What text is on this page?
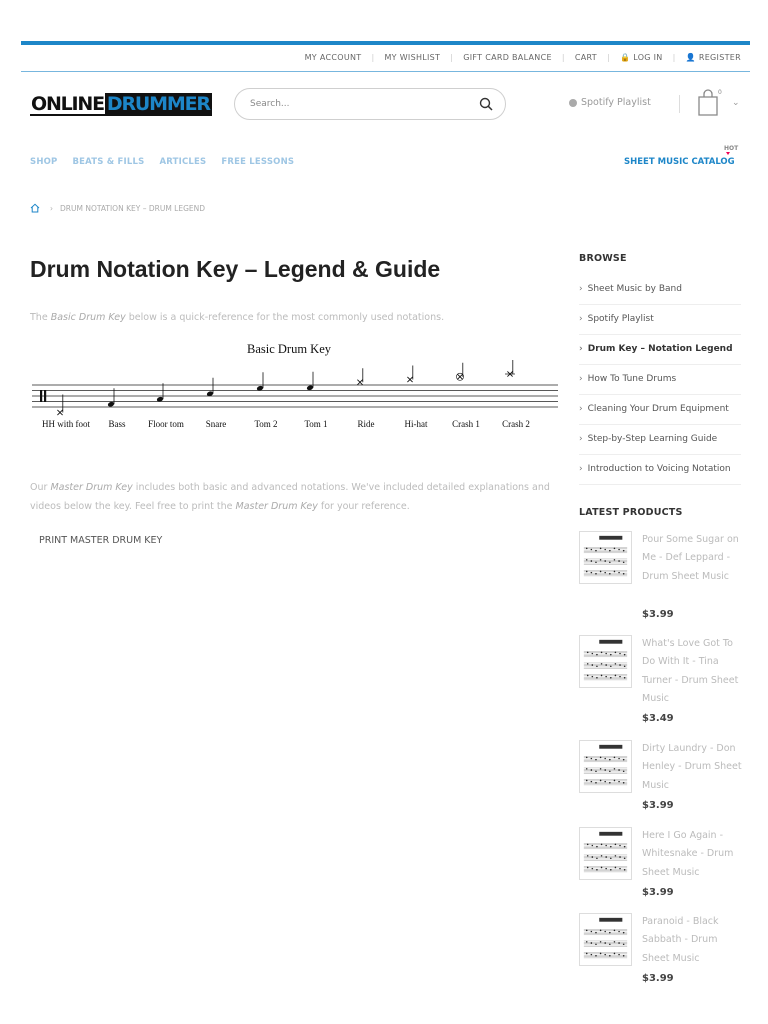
MY ACCOUNT | MY WISHLIST | GIFT CARD BALANCE | CART | 🔒 LOG IN | 👤 REGISTER
ONLINE DRUMMER
Search...	Spotify Playlist
0
⌄
SHOP BEATS & FILLS ARTICLES FREE LESSONS
HOT
SHEET MUSIC CATALOG
› DRUM NOTATION KEY – DRUM LEGEND
Drum Notation Key – Legend & Guide

The Basic Drum Key below is a quick-reference for the most commonly used notations.

Basic Drum Key
HH with foot Bass	Floor tom Snare	Tom 2	Tom 1	Ride	Hi-hat	Crash 1 Crash 2

Our Master Drum Key includes both basic and advanced notations. We've included detailed explanations and videos below the key. Feel free to print the Master Drum Key for your reference.

PRINT MASTER DRUM KEY
BROWSE
› Sheet Music by Band
› Spotify Playlist
› Drum Key – Notation Legend
› How To Tune Drums
› Cleaning Your Drum Equipment
› Step-by-Step Learning Guide
› Introduction to Voicing Notation
LATEST PRODUCTS
Pour Some Sugar on Me - Def Leppard - Drum Sheet Music
$3.99
What's Love Got To Do With It - Tina Turner - Drum Sheet Music
$3.49
Dirty Laundry - Don Henley - Drum Sheet Music
$3.99
Here I Go Again - Whitesnake - Drum Sheet Music
$3.99
Paranoid - Black Sabbath - Drum Sheet Music
$3.99
